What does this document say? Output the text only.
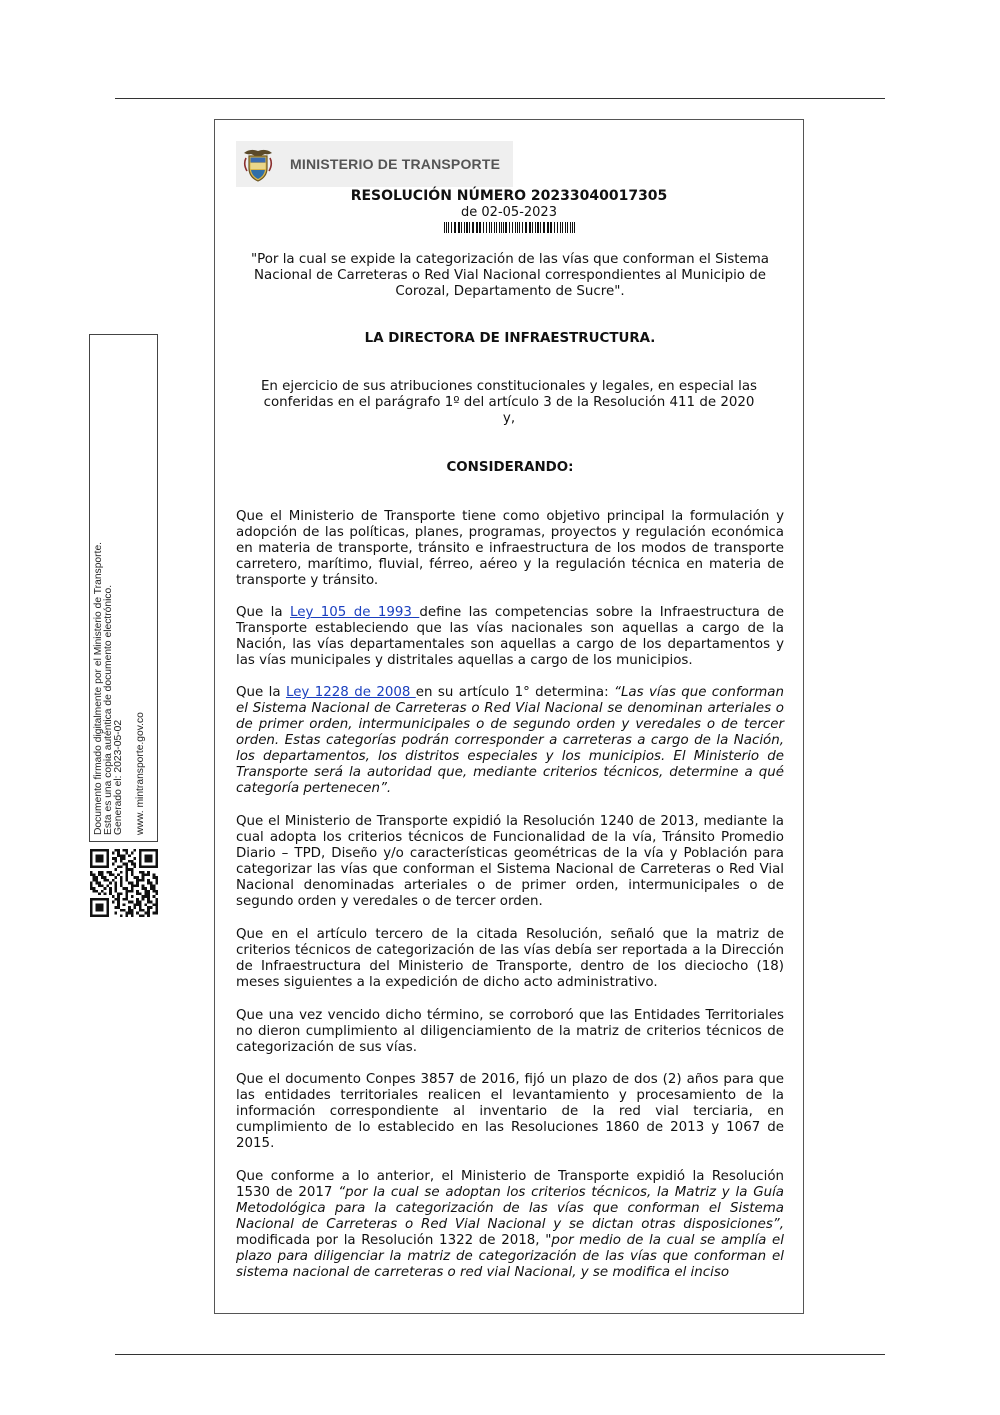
MINISTERIO DE TRANSPORTE
RESOLUCIÓN NÚMERO 20233040017305
de 02-05-2023
"Por la cual se expide la categorización de las vías que conforman el Sistema Nacional de Carreteras o Red Vial Nacional correspondientes al Municipio de Corozal, Departamento de Sucre".
LA DIRECTORA DE INFRAESTRUCTURA.
En ejercicio de sus atribuciones constitucionales y legales, en especial las conferidas en el parágrafo 1º del artículo 3 de la Resolución 411 de 2020 y,
CONSIDERANDO:
Que el Ministerio de Transporte tiene como objetivo principal la formulación y adopción de las políticas, planes, programas, proyectos y regulación económica en materia de transporte, tránsito e infraestructura de los modos de transporte carretero, marítimo, fluvial, férreo, aéreo y la regulación técnica en materia de transporte y tránsito.
Que la Ley 105 de 1993 define las competencias sobre la Infraestructura de Transporte estableciendo que las vías nacionales son aquellas a cargo de la Nación, las vías departamentales son aquellas a cargo de los departamentos y las vías municipales y distritales aquellas a cargo de los municipios.
Que la Ley 1228 de 2008 en su artículo 1° determina: “Las vías que conforman el Sistema Nacional de Carreteras o Red Vial Nacional se denominan arteriales o de primer orden, intermunicipales o de segundo orden y veredales o de tercer orden. Estas categorías podrán corresponder a carreteras a cargo de la Nación, los departamentos, los distritos especiales y los municipios. El Ministerio de Transporte será la autoridad que, mediante criterios técnicos, determine a qué categoría pertenecen”.
Que el Ministerio de Transporte expidió la Resolución 1240 de 2013, mediante la cual adopta los criterios técnicos de Funcionalidad de la vía, Tránsito Promedio Diario – TPD, Diseño y/o características geométricas de la vía y Población para categorizar las vías que conforman el Sistema Nacional de Carreteras o Red Vial Nacional denominadas arteriales o de primer orden, intermunicipales o de segundo orden y veredales o de tercer orden.
Que en el artículo tercero de la citada Resolución, señaló que la matriz de criterios técnicos de categorización de las vías debía ser reportada a la Dirección de Infraestructura del Ministerio de Transporte, dentro de los dieciocho (18) meses siguientes a la expedición de dicho acto administrativo.
Que una vez vencido dicho término, se corroboró que las Entidades Territoriales no dieron cumplimiento al diligenciamiento de la matriz de criterios técnicos de categorización de sus vías.
Que el documento Conpes 3857 de 2016, fijó un plazo de dos (2) años para que las entidades territoriales realicen el levantamiento y procesamiento de la información correspondiente al inventario de la red vial terciaria, en cumplimiento de lo establecido en las Resoluciones 1860 de 2013 y 1067 de 2015.
Que conforme a lo anterior, el Ministerio de Transporte expidió la Resolución 1530 de 2017 “por la cual se adoptan los criterios técnicos, la Matriz y la Guía Metodológica para la categorización de las vías que conforman el Sistema Nacional de Carreteras o Red Vial Nacional y se dictan otras disposiciones”, modificada por la Resolución 1322 de 2018, "por medio de la cual se amplía el plazo para diligenciar la matriz de categorización de las vías que conforman el sistema nacional de carreteras o red vial Nacional, y se modifica el inciso
Documento firmado digitalmente por el Ministerio de Transporte. Esta es una copia auténtica de documento electrónico. Generado el: 2023-05-02 www. mintransporte.gov.co
